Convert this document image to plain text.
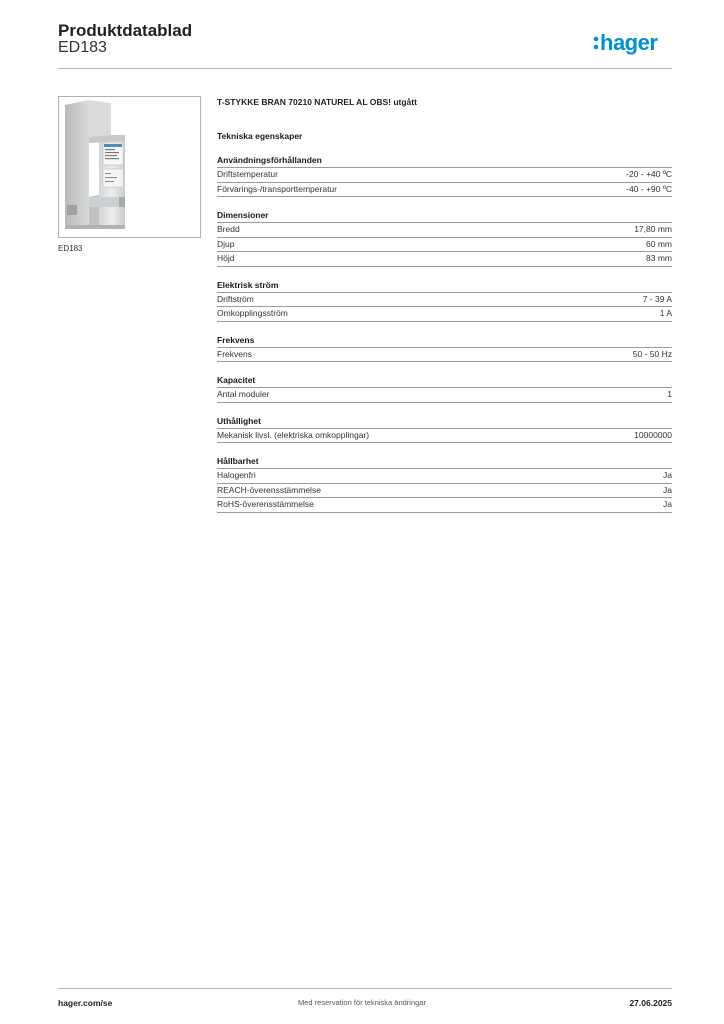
Produktdatablad
ED183	hager
ED183
T-STYKKE BRAN 70210 NATUREL AL OBS! utgått
Tekniska egenskaper
Användningsförhållanden
Driftstemperatur	-20 - +40 ºC
Förvarings-/transporttemperatur	-40 - +90 ºC
Dimensioner
Bredd	17,80 mm
Djup	60 mm
Höjd	83 mm
Elektrisk ström
Driftström	7 - 39 A
Omkopplingsström	1 A
Frekvens
Frekvens	50 - 50 Hz
Kapacitet
Antal moduler	1
Uthållighet
Mekanisk livsl. (elektriska omkopplingar)	10000000
Hållbarhet
Halogenfri	Ja
REACH-överensstämmelse	Ja
RoHS-överensstämmelse	Ja
hager.com/se	Med reservation för tekniska ändringar	27.06.2025
